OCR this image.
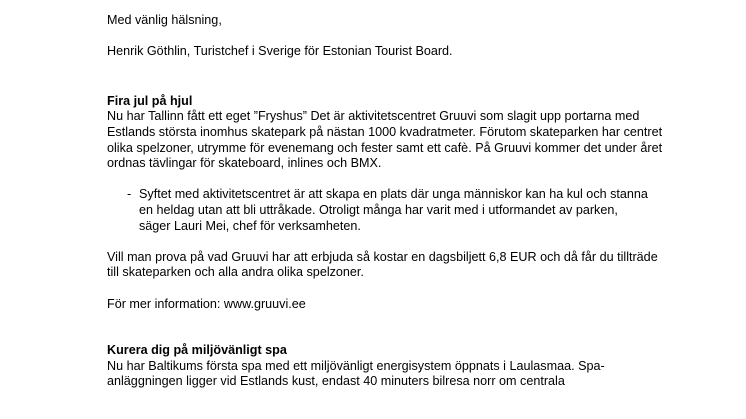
Med vänlig hälsning,

Henrik Göthlin, Turistchef i Sverige för Estonian Tourist Board.

Fira jul på hjul

Nu har Tallinn fått ett eget ”Fryshus” Det är aktivitetscentret Gruuvi som slagit upp portarna med Estlands största inomhus skatepark på nästan 1000 kvadratmeter. Förutom skateparken har centret olika spelzoner, utrymme för evenemang och fester samt ett cafè. På Gruuvi kommer det under året ordnas tävlingar för skateboard, inlines och BMX.

- Syftet med aktivitetscentret är att skapa en plats där unga människor kan ha kul och stanna en heldag utan att bli uttråkade. Otroligt många har varit med i utformandet av parken, säger Lauri Mei, chef för verksamheten.

Vill man prova på vad Gruuvi har att erbjuda så kostar en dagsbiljett 6,8 EUR och då får du tillträde till skateparken och alla andra olika spelzoner.

För mer information: www.gruuvi.ee

Kurera dig på miljövänligt spa

Nu har Baltikums första spa med ett miljövänligt energisystem öppnats i Laulasmaa. Spa-anläggningen ligger vid Estlands kust, endast 40 minuters bilresa norr om centrala
